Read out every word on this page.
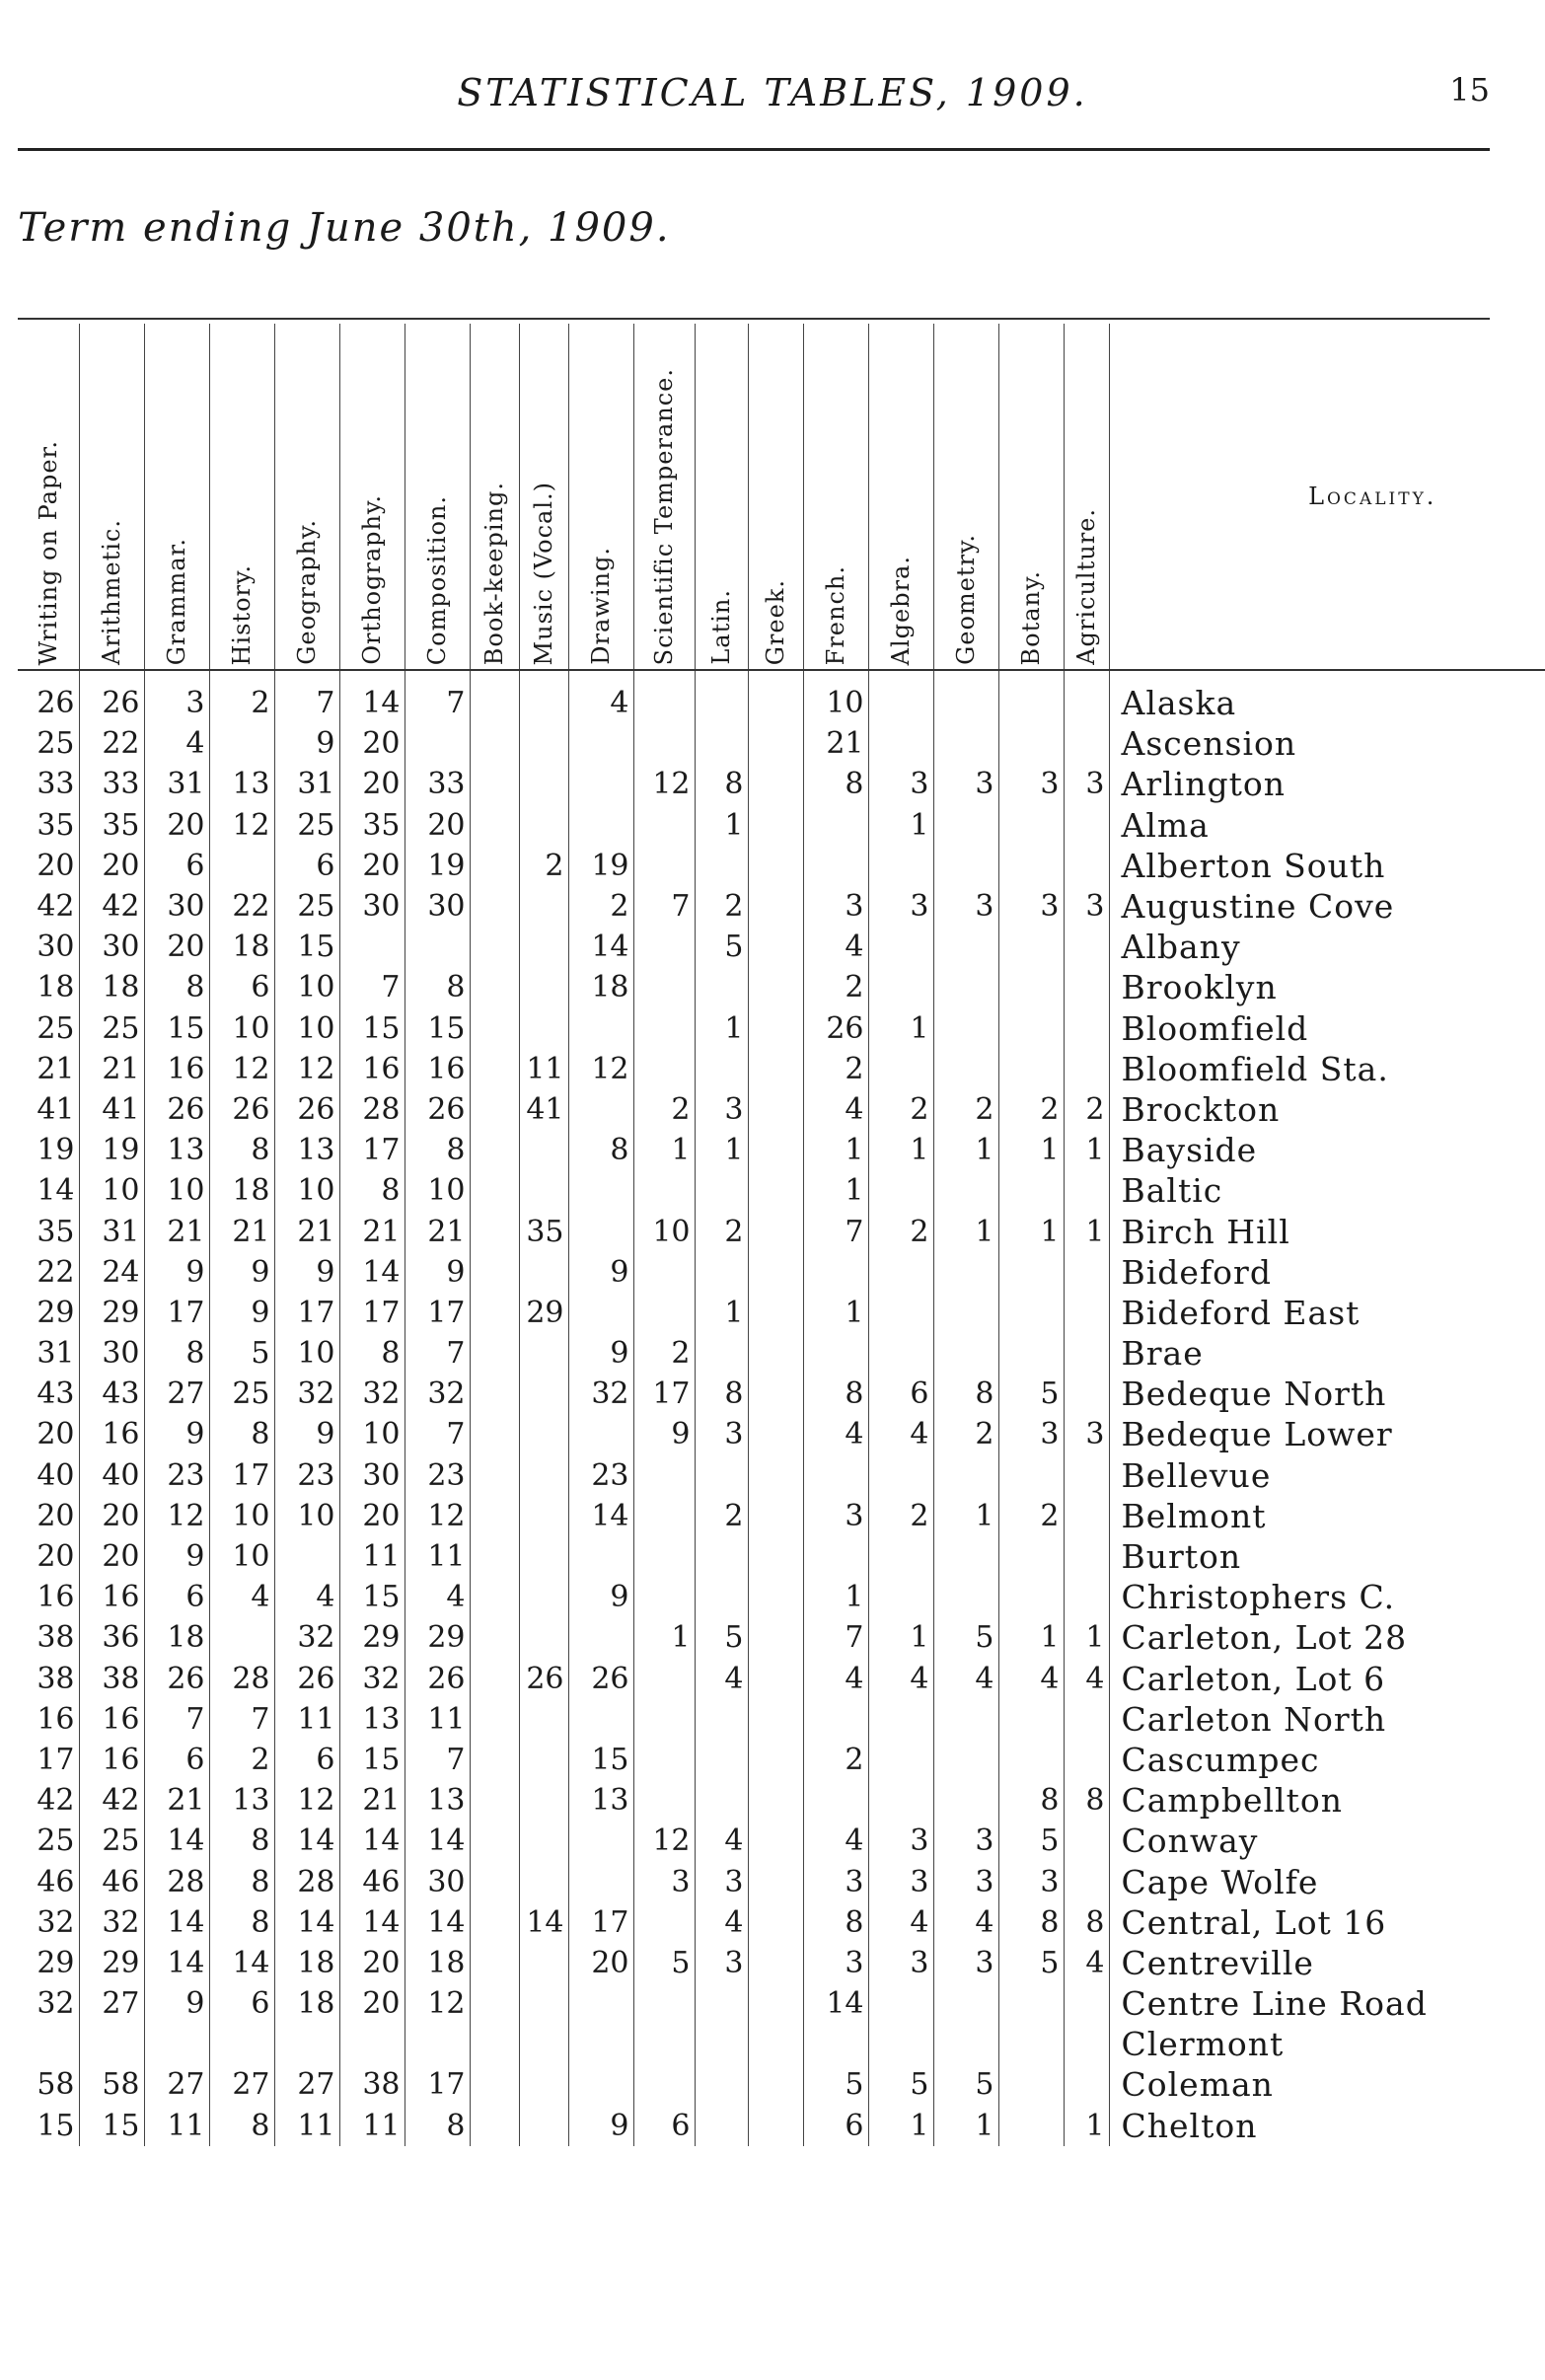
STATISTICAL TABLES, 1909.	15
Term ending June 30th, 1909.
Writing on Paper.	Arithmetic.	Grammar.	History.	Geography.	Orthography.	Composition.	Book-keeping.	Music (Vocal.)	Drawing.	Scientific Temperance.	Latin.	Greek.	French.	Algebra.	Geometry.	Botany.	Agriculture.	Locality.
26	26	3	2	7	14	7			4				10					Alaska
25	22	4		9	20								21					Ascension
33	33	31	13	31	20	33				12	8		8	3	3	3	3	Arlington
35	35	20	12	25	35	20					1			1				Alma
20	20	6		6	20	19		2	19									Alberton South
42	42	30	22	25	30	30			2	7	2		3	3	3	3	3	Augustine Cove
30	30	20	18	15					14		5		4					Albany
18	18	8	6	10	7	8			18				2					Brooklyn
25	25	15	10	10	15	15					1		26	1				Bloomfield
21	21	16	12	12	16	16		11	12				2					Bloomfield Sta.
41	41	26	26	26	28	26		41		2	3		4	2	2	2	2	Brockton
19	19	13	8	13	17	8			8	1	1		1	1	1	1	1	Bayside
14	10	10	18	10	8	10							1					Baltic
35	31	21	21	21	21	21		35		10	2		7	2	1	1	1	Birch Hill
22	24	9	9	9	14	9			9									Bideford
29	29	17	9	17	17	17		29			1		1					Bideford East
31	30	8	5	10	8	7			9	2								Brae
43	43	27	25	32	32	32			32	17	8		8	6	8	5		Bedeque North
20	16	9	8	9	10	7				9	3		4	4	2	3	3	Bedeque Lower
40	40	23	17	23	30	23			23									Bellevue
20	20	12	10	10	20	12			14		2		3	2	1	2		Belmont
20	20	9	10		11	11												Burton
16	16	6	4	4	15	4			9				1					Christophers C.
38	36	18		32	29	29				1	5		7	1	5	1	1	Carleton, Lot 28
38	38	26	28	26	32	26		26	26		4		4	4	4	4	4	Carleton, Lot 6
16	16	7	7	11	13	11												Carleton North
17	16	6	2	6	15	7			15				2					Cascumpec
42	42	21	13	12	21	13			13							8	8	Campbellton
25	25	14	8	14	14	14				12	4		4	3	3	5		Conway
46	46	28	8	28	46	30				3	3		3	3	3	3		Cape Wolfe
32	32	14	8	14	14	14		14	17		4		8	4	4	8	8	Central, Lot 16
29	29	14	14	18	20	18			20	5	3		3	3	3	5	4	Centreville
32	27	9	6	18	20	12							14					Centre Line Road
																		Clermont
58	58	27	27	27	38	17							5	5	5			Coleman
15	15	11	8	11	11	8			9	6			6	1	1		1	Chelton
